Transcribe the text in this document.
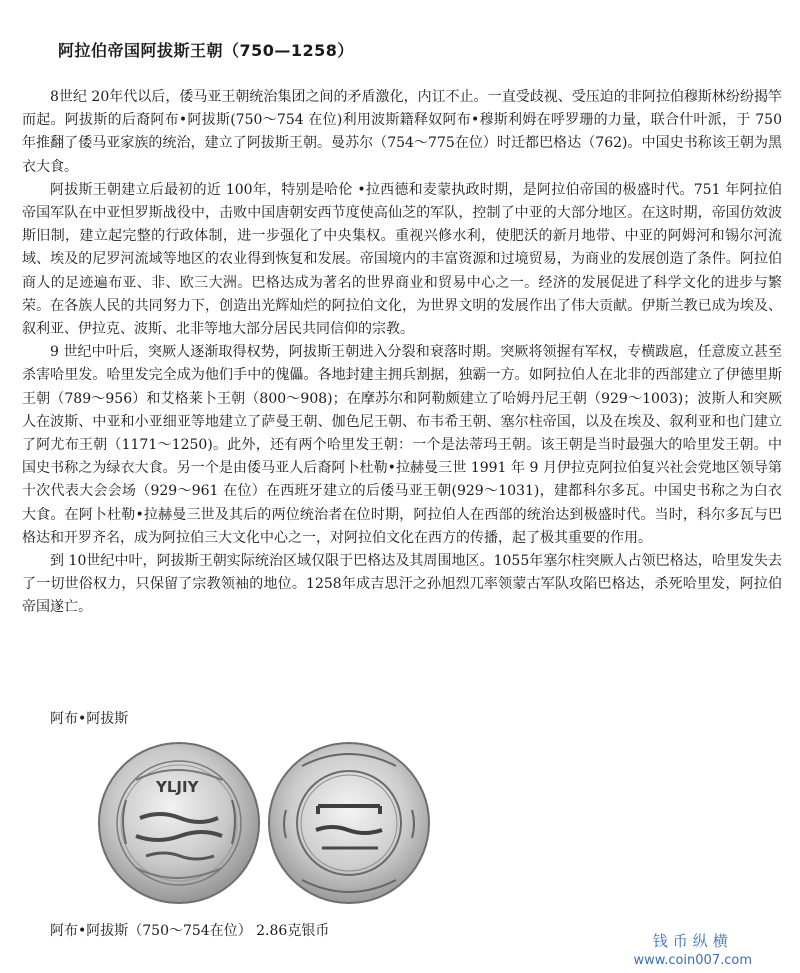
阿拉伯帝国阿拔斯王朝（750—1258）

8世纪 20年代以后，倭马亚王朝统治集团之间的矛盾激化，内讧不止。一直受歧视、受压迫的非阿拉伯穆斯林纷纷揭竿而起。阿拔斯的后裔阿布•阿拔斯(750～754 在位)利用波斯籍释奴阿布•穆斯利姆在呼罗珊的力量，联合什叶派，于 750年推翻了倭马亚家族的统治，建立了阿拔斯王朝。曼苏尔（754～775在位）时迁都巴格达（762)。中国史书称该王朝为黑衣大食。

阿拔斯王朝建立后最初的近 100年，特别是哈伦 •拉西德和麦蒙执政时期，是阿拉伯帝国的极盛时代。751 年阿拉伯帝国军队在中亚怛罗斯战役中，击败中国唐朝安西节度使高仙芝的军队，控制了中亚的大部分地区。在这时期，帝国仿效波斯旧制，建立起完整的行政体制，进一步强化了中央集权。重视兴修水利，使肥沃的新月地带、中亚的阿姆河和锡尔河流域、埃及的尼罗河流域等地区的农业得到恢复和发展。帝国境内的丰富资源和过境贸易，为商业的发展创造了条件。阿拉伯商人的足迹遍布亚、非、欧三大洲。巴格达成为著名的世界商业和贸易中心之一。经济的发展促进了科学文化的进步与繁荣。在各族人民的共同努力下，创造出光辉灿烂的阿拉伯文化，为世界文明的发展作出了伟大贡献。伊斯兰教已成为埃及、叙利亚、伊拉克、波斯、北非等地大部分居民共同信仰的宗教。

9 世纪中叶后，突厥人逐渐取得权势，阿拔斯王朝进入分裂和衰落时期。突厥将领握有军权，专横跋扈，任意废立甚至杀害哈里发。哈里发完全成为他们手中的傀儡。各地封建主拥兵割据，独霸一方。如阿拉伯人在北非的西部建立了伊德里斯王朝（789～956）和艾格莱卜王朝（800～908)；在摩苏尔和阿勒颇建立了哈姆丹尼王朝（929～1003)；波斯人和突厥人在波斯、中亚和小亚细亚等地建立了萨曼王朝、伽色尼王朝、布韦希王朝、塞尔柱帝国，以及在埃及、叙利亚和也门建立了阿尤布王朝（1171～1250)。此外，还有两个哈里发王朝：一个是法蒂玛王朝。该王朝是当时最强大的哈里发王朝。中国史书称之为绿衣大食。另一个是由倭马亚人后裔阿卜杜勒•拉赫曼三世 1991 年 9 月伊拉克阿拉伯复兴社会党地区领导第十次代表大会会场（929～961 在位）在西班牙建立的后倭马亚王朝(929～1031)，建都科尔多瓦。中国史书称之为白衣大食。在阿卜杜勒•拉赫曼三世及其后的两位统治者在位时期，阿拉伯人在西部的统治达到极盛时代。当时，科尔多瓦与巴格达和开罗齐名，成为阿拉伯三大文化中心之一，对阿拉伯文化在西方的传播，起了极其重要的作用。

到 10世纪中叶，阿拔斯王朝实际统治区域仅限于巴格达及其周围地区。1055年塞尔柱突厥人占领巴格达，哈里发失去了一切世俗权力，只保留了宗教领袖的地位。1258年成吉思汗之孙旭烈兀率领蒙古军队攻陷巴格达，杀死哈里发，阿拉伯帝国遂亡。

阿布•阿拔斯
ΥLJIΥ
阿布•阿拔斯（750～754在位） 2.86克银币
钱币纵横
www.coin007.com
